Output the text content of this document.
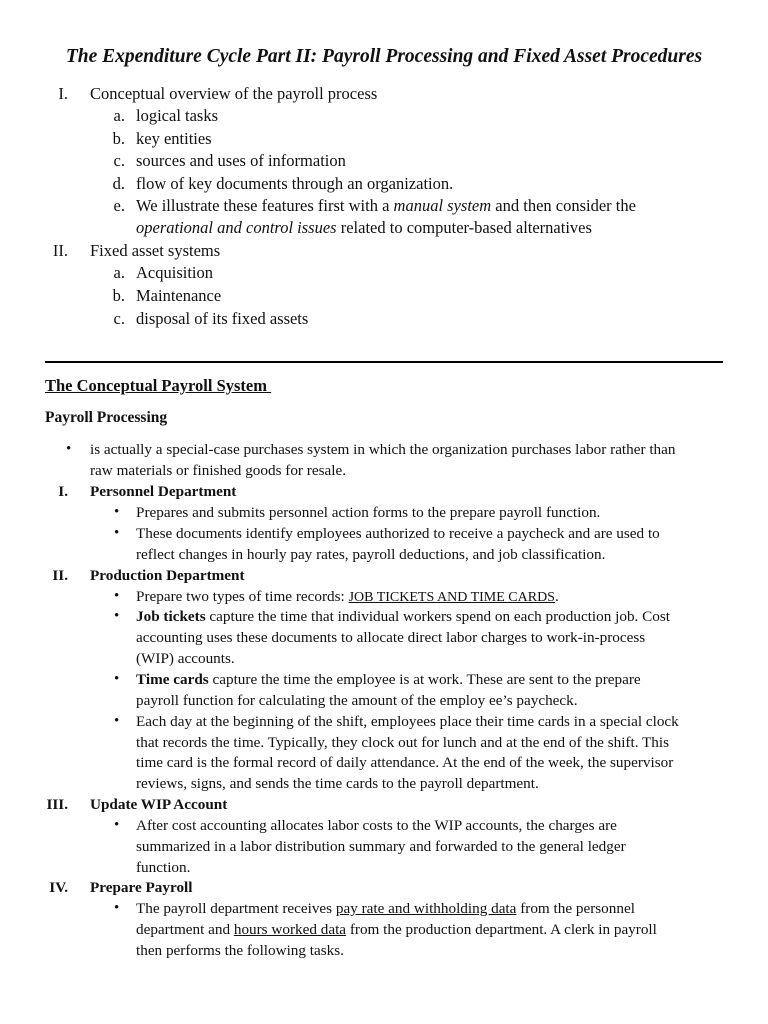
The Expenditure Cycle Part II: Payroll Processing and Fixed Asset Procedures
I. Conceptual overview of the payroll process
a. logical tasks
b. key entities
c. sources and uses of information
d. flow of key documents through an organization.
e. We illustrate these features first with a manual system and then consider the
operational and control issues related to computer-based alternatives
II. Fixed asset systems
a. Acquisition
b. Maintenance
c. disposal of its fixed assets
The Conceptual Payroll System
Payroll Processing
• is actually a special-case purchases system in which the organization purchases labor rather than
raw materials or finished goods for resale.
I. Personnel Department
• Prepares and submits personnel action forms to the prepare payroll function.
• These documents identify employees authorized to receive a paycheck and are used to
reflect changes in hourly pay rates, payroll deductions, and job classification.
II. Production Department
• Prepare two types of time records: JOB TICKETS AND TIME CARDS.
• Job tickets capture the time that individual workers spend on each production job. Cost
accounting uses these documents to allocate direct labor charges to work-in-process
(WIP) accounts.
• Time cards capture the time the employee is at work. These are sent to the prepare
payroll function for calculating the amount of the employ ee’s paycheck.
• Each day at the beginning of the shift, employees place their time cards in a special clock
that records the time. Typically, they clock out for lunch and at the end of the shift. This
time card is the formal record of daily attendance. At the end of the week, the supervisor
reviews, signs, and sends the time cards to the payroll department.
III. Update WIP Account
• After cost accounting allocates labor costs to the WIP accounts, the charges are
summarized in a labor distribution summary and forwarded to the general ledger
function.
IV. Prepare Payroll
• The payroll department receives pay rate and withholding data from the personnel
department and hours worked data from the production department. A clerk in payroll
then performs the following tasks.
